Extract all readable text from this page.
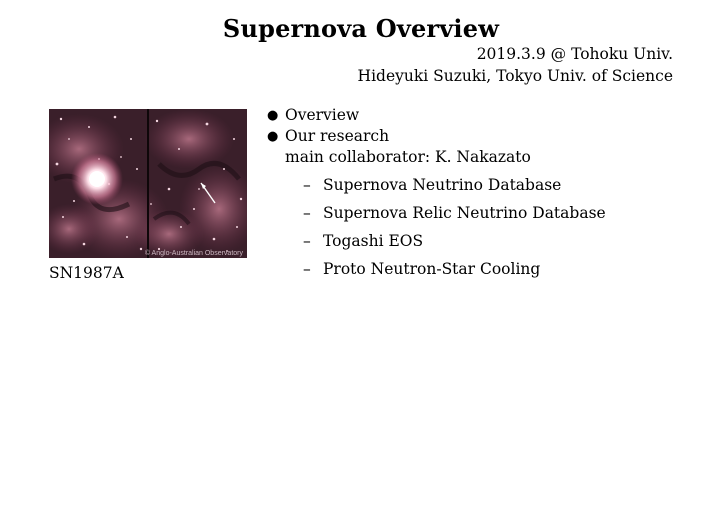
Supernova Overview
2019.3.9 @ Tohoku Univ.
Hideyuki Suzuki, Tokyo Univ. of Science
© Anglo-Australian Observatory
SN1987A
● Overview
● Our research
main collaborator: K. Nakazato
– Supernova Neutrino Database
– Supernova Relic Neutrino Database
– Togashi EOS
– Proto Neutron-Star Cooling
